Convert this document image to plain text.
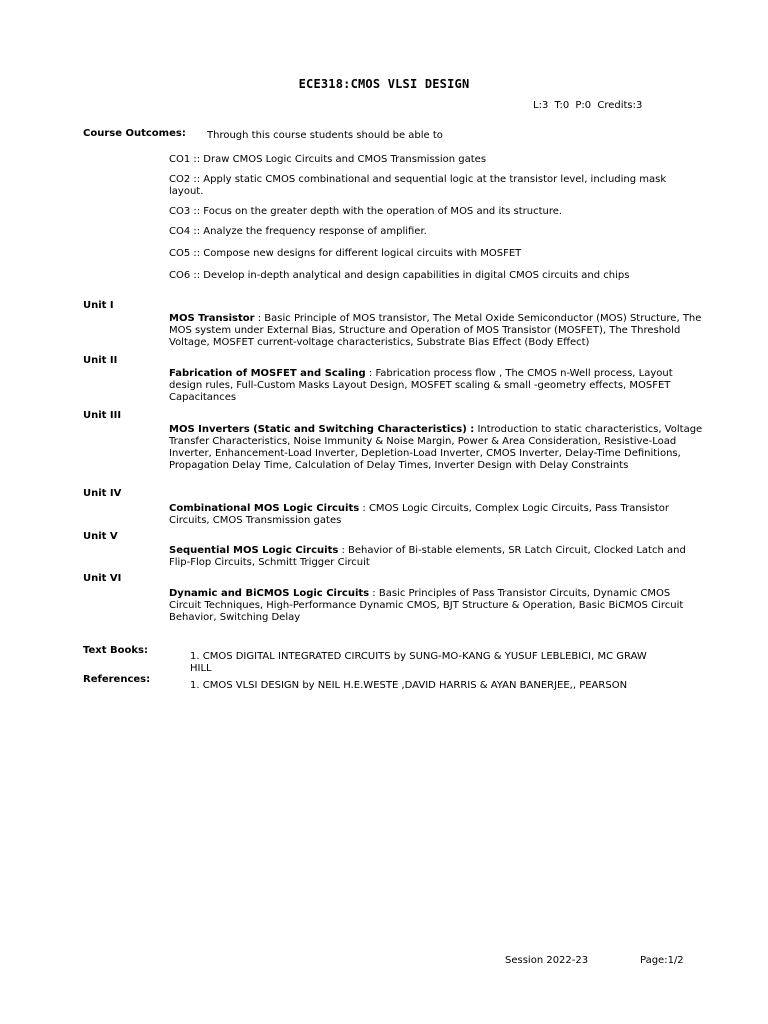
ECE318:CMOS VLSI DESIGN
L:3 T:0 P:0 Credits:3
Course Outcomes: Through this course students should be able to
CO1 :: Draw CMOS Logic Circuits and CMOS Transmission gates
CO2 :: Apply static CMOS combinational and sequential logic at the transistor level, including mask layout.
CO3 :: Focus on the greater depth with the operation of MOS and its structure.
CO4 :: Analyze the frequency response of amplifier.
CO5 :: Compose new designs for different logical circuits with MOSFET
CO6 :: Develop in-depth analytical and design capabilities in digital CMOS circuits and chips
Unit I
MOS Transistor : Basic Principle of MOS transistor, The Metal Oxide Semiconductor (MOS) Structure, The MOS system under External Bias, Structure and Operation of MOS Transistor (MOSFET), The Threshold Voltage, MOSFET current-voltage characteristics, Substrate Bias Effect (Body Effect)
Unit II
Fabrication of MOSFET and Scaling : Fabrication process flow , The CMOS n-Well process, Layout design rules, Full-Custom Masks Layout Design, MOSFET scaling & small -geometry effects, MOSFET Capacitances
Unit III
MOS Inverters (Static and Switching Characteristics) : Introduction to static characteristics, Voltage Transfer Characteristics, Noise Immunity & Noise Margin, Power & Area Consideration, Resistive-Load Inverter, Enhancement-Load Inverter, Depletion-Load Inverter, CMOS Inverter, Delay-Time Definitions, Propagation Delay Time, Calculation of Delay Times, Inverter Design with Delay Constraints
Unit IV
Combinational MOS Logic Circuits : CMOS Logic Circuits, Complex Logic Circuits, Pass Transistor Circuits, CMOS Transmission gates
Unit V
Sequential MOS Logic Circuits : Behavior of Bi-stable elements, SR Latch Circuit, Clocked Latch and Flip-Flop Circuits, Schmitt Trigger Circuit
Unit VI
Dynamic and BiCMOS Logic Circuits : Basic Principles of Pass Transistor Circuits, Dynamic CMOS Circuit Techniques, High-Performance Dynamic CMOS, BJT Structure & Operation, Basic BiCMOS Circuit Behavior, Switching Delay
Text Books:
1. CMOS DIGITAL INTEGRATED CIRCUITS by SUNG-MO-KANG & YUSUF LEBLEBICI, MC GRAW HILL
References:
1. CMOS VLSI DESIGN by NEIL H.E.WESTE ,DAVID HARRIS & AYAN BANERJEE,, PEARSON
Session 2022-23	Page:1/2
